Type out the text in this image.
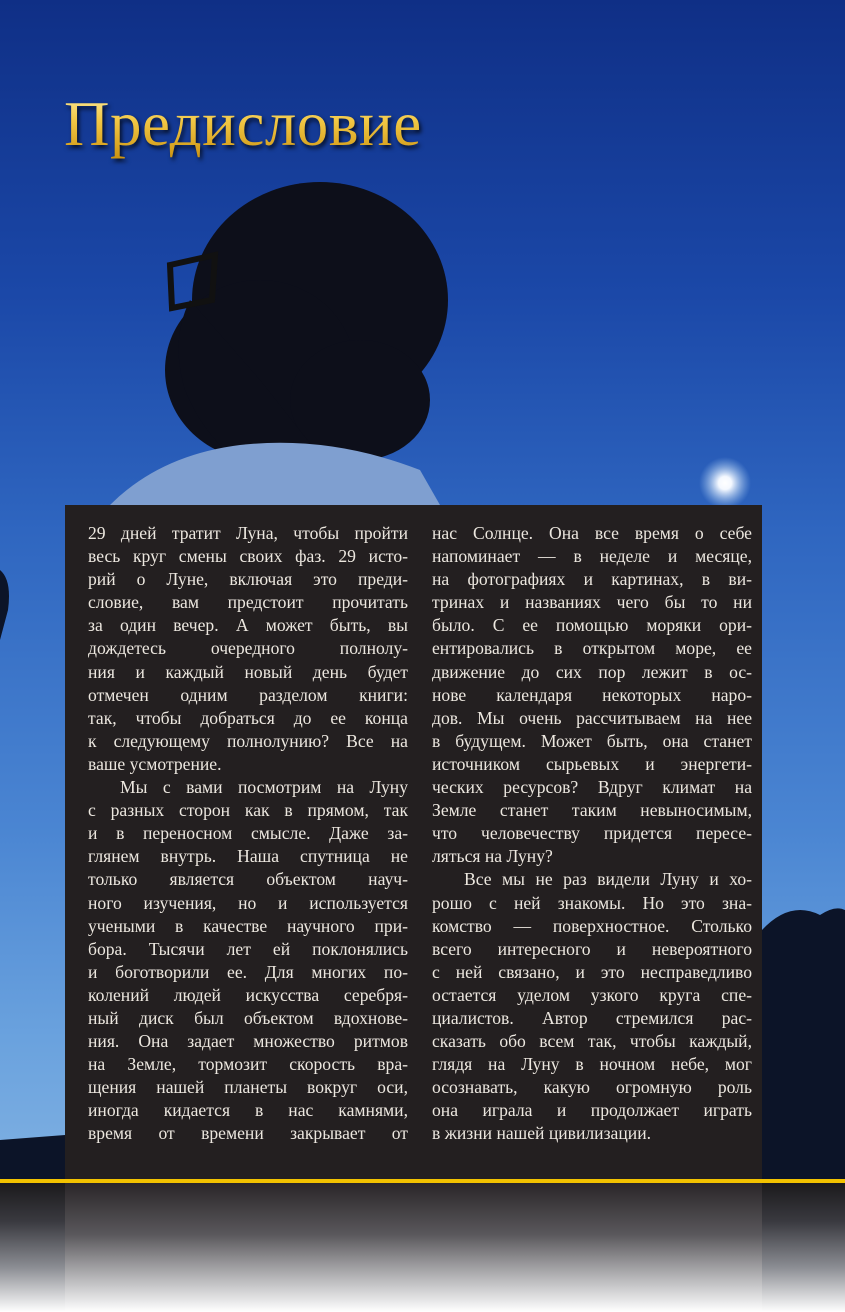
Предисловие
29 дней тратит Луна, чтобы пройти
весь круг смены своих фаз. 29 исто-
рий о Луне, включая это преди-
словие, вам предстоит прочитать
за один вечер. А может быть, вы
дождетесь очередного полнолу-
ния и каждый новый день будет
отмечен одним разделом книги:
так, чтобы добраться до ее конца
к следующему полнолунию? Все на
ваше усмотрение.
Мы с вами посмотрим на Луну
с разных сторон как в прямом, так
и в переносном смысле. Даже за-
глянем внутрь. Наша спутница не
только является объектом науч-
ного изучения, но и используется
учеными в качестве научного при-
бора. Тысячи лет ей поклонялись
и боготворили ее. Для многих по-
колений людей искусства серебря-
ный диск был объектом вдохнове-
ния. Она задает множество ритмов
на Земле, тормозит скорость вра-
щения нашей планеты вокруг оси,
иногда кидается в нас камнями,
время от времени закрывает от
нас Солнце. Она все время о себе
напоминает — в неделе и месяце,
на фотографиях и картинах, в ви-
тринах и названиях чего бы то ни
было. С ее помощью моряки ори-
ентировались в открытом море, ее
движение до сих пор лежит в ос-
нове календаря некоторых наро-
дов. Мы очень рассчитываем на нее
в будущем. Может быть, она станет
источником сырьевых и энергети-
ческих ресурсов? Вдруг климат на
Земле станет таким невыносимым,
что человечеству придется пересе-
ляться на Луну?
Все мы не раз видели Луну и хо-
рошо с ней знакомы. Но это зна-
комство — поверхностное. Столько
всего интересного и невероятного
с ней связано, и это несправедливо
остается уделом узкого круга спе-
циалистов. Автор стремился рас-
сказать обо всем так, чтобы каждый,
глядя на Луну в ночном небе, мог
осознавать, какую огромную роль
она играла и продолжает играть
в жизни нашей цивилизации.
